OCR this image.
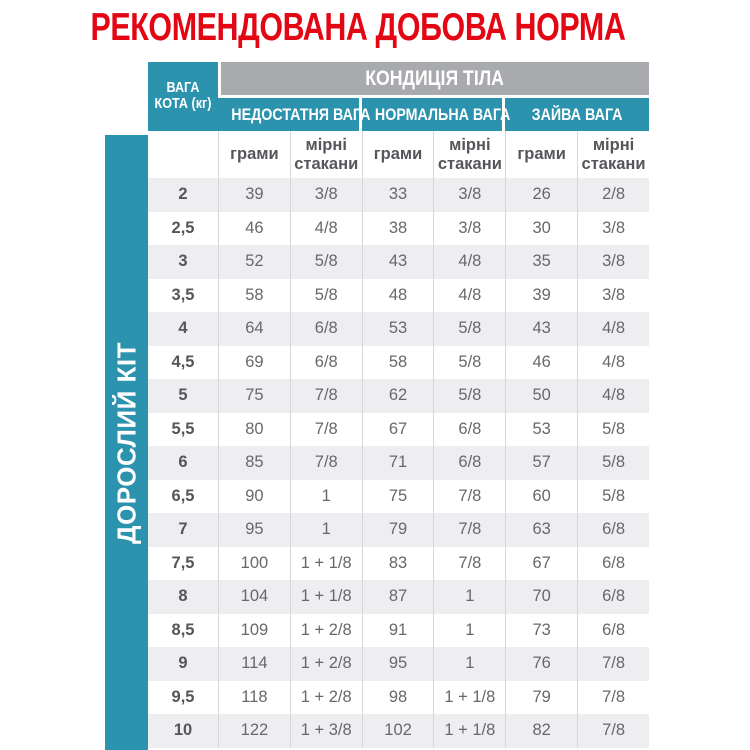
РЕКОМЕНДОВАНА ДОБОВА НОРМА
ДОРОСЛИЙ КІТ
ВАГА КОТА (кг)	КОНДИЦІЯ ТІЛА					
	НЕДОСТАТНЯ ВАГА		НОРМАЛЬНА ВАГА		ЗАЙВА ВАГА	
	грами	мірні стакани	грами	мірні стакани	грами	мірні стакани
2	39	3/8	33	3/8	26	2/8
2,5	46	4/8	38	3/8	30	3/8
3	52	5/8	43	4/8	35	3/8
3,5	58	5/8	48	4/8	39	3/8
4	64	6/8	53	5/8	43	4/8
4,5	69	6/8	58	5/8	46	4/8
5	75	7/8	62	5/8	50	4/8
5,5	80	7/8	67	6/8	53	5/8
6	85	7/8	71	6/8	57	5/8
6,5	90	1	75	7/8	60	5/8
7	95	1	79	7/8	63	6/8
7,5	100	1 + 1/8	83	7/8	67	6/8
8	104	1 + 1/8	87	1	70	6/8
8,5	109	1 + 2/8	91	1	73	6/8
9	114	1 + 2/8	95	1	76	7/8
9,5	118	1 + 2/8	98	1 + 1/8	79	7/8
10	122	1 + 3/8	102	1 + 1/8	82	7/8
